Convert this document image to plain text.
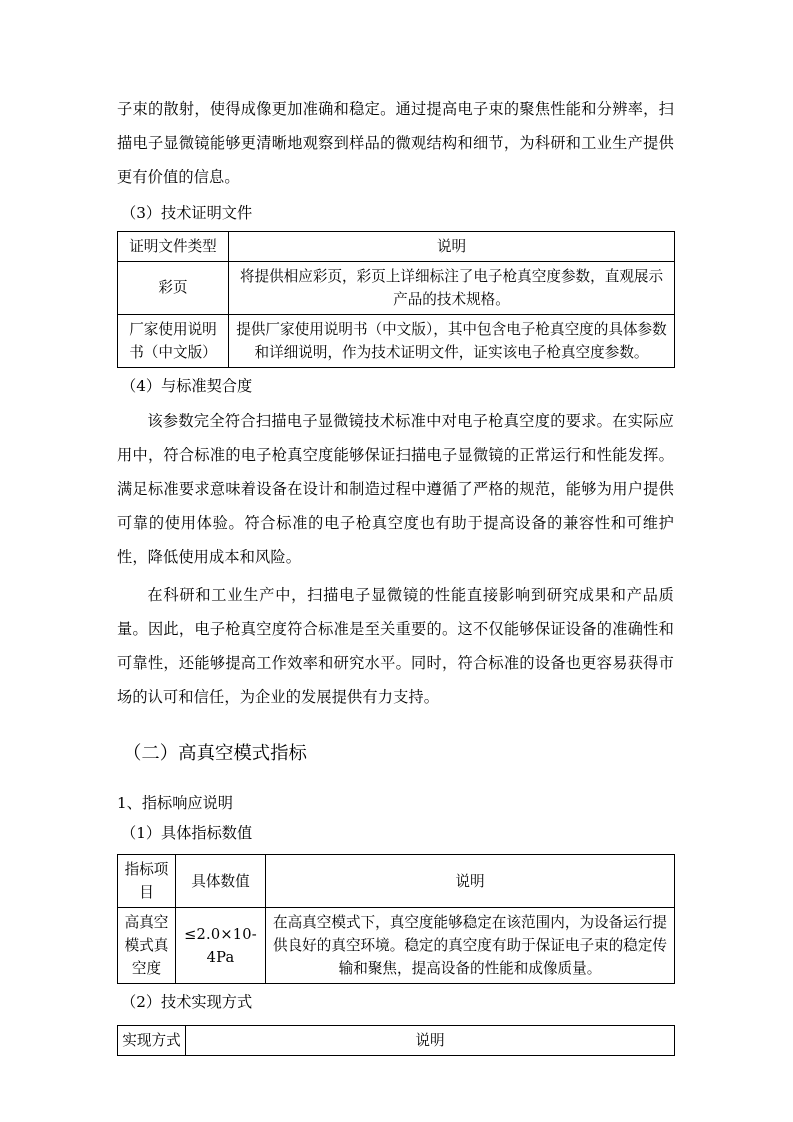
子束的散射，使得成像更加准确和稳定。通过提高电子束的聚焦性能和分辨率，扫描电子显微镜能够更清晰地观察到样品的微观结构和细节，为科研和工业生产提供更有价值的信息。

（3）技术证明文件

证明文件类型	说明
彩页	将提供相应彩页，彩页上详细标注了电子枪真空度参数，直观展示产品的技术规格。
厂家使用说明书（中文版）	提供厂家使用说明书（中文版），其中包含电子枪真空度的具体参数和详细说明，作为技术证明文件，证实该电子枪真空度参数。

（4）与标准契合度

该参数完全符合扫描电子显微镜技术标准中对电子枪真空度的要求。在实际应用中，符合标准的电子枪真空度能够保证扫描电子显微镜的正常运行和性能发挥。满足标准要求意味着设备在设计和制造过程中遵循了严格的规范，能够为用户提供可靠的使用体验。符合标准的电子枪真空度也有助于提高设备的兼容性和可维护性，降低使用成本和风险。

在科研和工业生产中，扫描电子显微镜的性能直接影响到研究成果和产品质量。因此，电子枪真空度符合标准是至关重要的。这不仅能够保证设备的准确性和可靠性，还能够提高工作效率和研究水平。同时，符合标准的设备也更容易获得市场的认可和信任，为企业的发展提供有力支持。

（二）高真空模式指标

1、指标响应说明

（1）具体指标数值

指标项目	具体数值	说明
高真空模式真空度	≤2.0×10-4Pa	在高真空模式下，真空度能够稳定在该范围内，为设备运行提供良好的真空环境。稳定的真空度有助于保证电子束的稳定传输和聚焦，提高设备的性能和成像质量。

（2）技术实现方式

实现方式	说明
